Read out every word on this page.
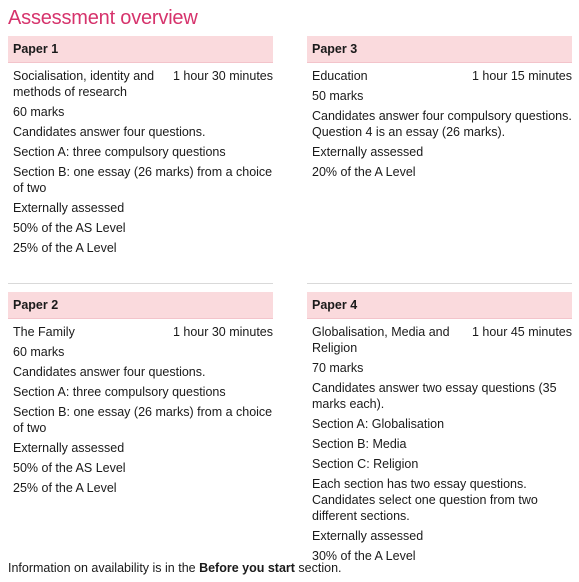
Assessment overview
Paper 1
Socialisation, identity and methods of research
1 hour 30 minutes
60 marks
Candidates answer four questions.
Section A: three compulsory questions
Section B: one essay (26 marks) from a choice of two
Externally assessed
50% of the AS Level
25% of the A Level
Paper 3
Education	1 hour 15 minutes
50 marks
Candidates answer four compulsory questions. Question 4 is an essay (26 marks).
Externally assessed
20% of the A Level
Paper 2
The Family	1 hour 30 minutes
60 marks
Candidates answer four questions.
Section A: three compulsory questions
Section B: one essay (26 marks) from a choice of two
Externally assessed
50% of the AS Level
25% of the A Level
Paper 4
Globalisation, Media and Religion
1 hour 45 minutes
70 marks
Candidates answer two essay questions (35 marks each).
Section A: Globalisation
Section B: Media
Section C: Religion
Each section has two essay questions. Candidates select one question from two different sections.
Externally assessed
30% of the A Level
Information on availability is in the Before you start section.
